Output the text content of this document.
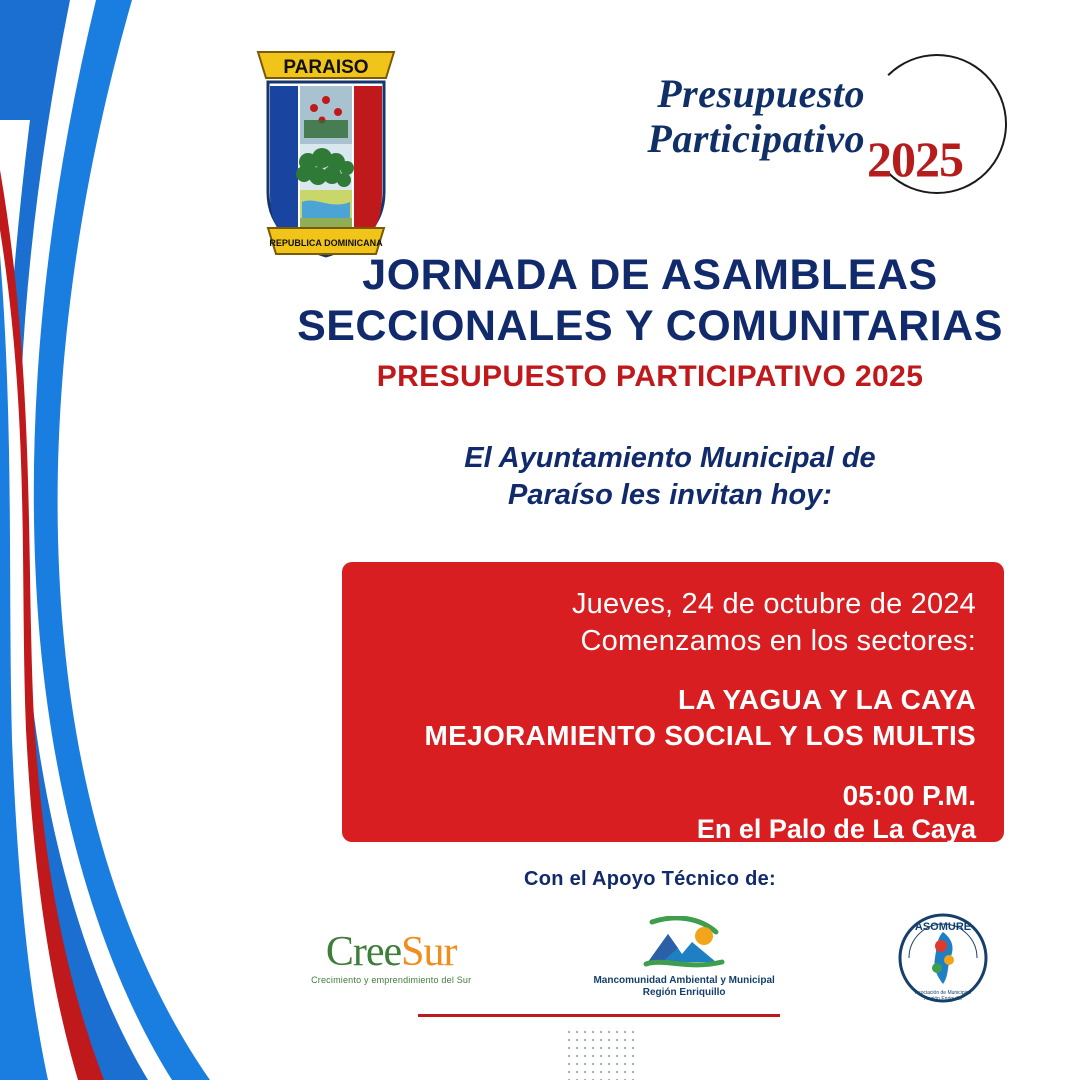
PARAISO
REPUBLICA DOMINICANA
Presupuesto
Participativo 2025
JORNADA DE ASAMBLEAS
SECCIONALES Y COMUNITARIAS
PRESUPUESTO PARTICIPATIVO 2025
El Ayuntamiento Municipal de
Paraíso les invitan hoy:
Jueves, 24 de octubre de 2024
Comenzamos en los sectores:
LA YAGUA Y LA CAYA
MEJORAMIENTO SOCIAL Y LOS MULTIS
05:00 P.M.
En el Palo de La Caya
Con el Apoyo Técnico de:
CreeSur
Crecimiento y emprendimiento del Sur	Mancomunidad Ambiental y Municipal
Región Enriquillo
ASOMURE
Asociación de Municipios
Región Enriquillo
